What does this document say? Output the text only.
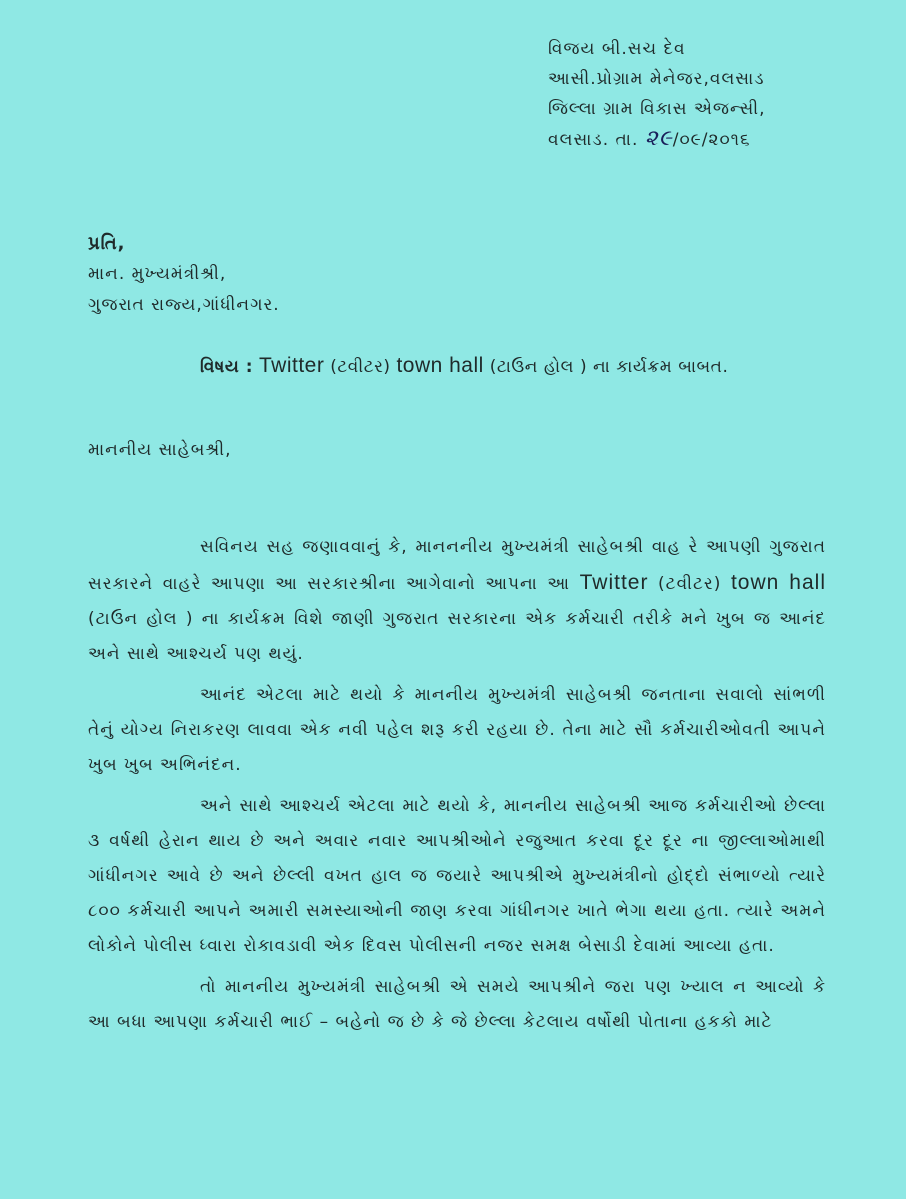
વિજય બી.સચ દેવ
આસી.પ્રોગ્રામ મેનેજર,વલસાડ
જિલ્લા ગ્રામ વિકાસ એજન્સી,
વલસાડ. તા. ૨૯/૦૯/૨૦૧૬
પ્રતિ,
માન. મુખ્યમંત્રીશ્રી,
ગુજરાત રાજ્ય,ગાંધીનગર.
વિષય : Twitter (ટવીટર) town hall (ટાઉન હોલ ) ના કાર્યક્રમ બાબત.
માનનીય સાહેબશ્રી,

સવિનય સહ જણાવવાનું કે, માનનનીય મુખ્યમંત્રી સાહેબશ્રી વાહ રે આપણી ગુજરાત સરકારને વાહરે આપણા આ સરકારશ્રીના આગેવાનો આપના આ Twitter (ટવીટર) town hall (ટાઉન હોલ ) ના કાર્યક્રમ વિશે જાણી ગુજરાત સરકારના એક કર્મચારી તરીકે મને ખુબ જ આનંદ અને સાથે આશ્ચર્ય પણ થયું.

આનંદ એટલા માટે થયો કે માનનીય મુખ્યમંત્રી સાહેબશ્રી જનતાના સવાલો સાંભળી તેનું યોગ્ય નિરાકરણ લાવવા એક નવી પહેલ શરૂ કરી રહયા છે. તેના માટે સૌ કર્મચારીઓવતી આપને ખુબ ખુબ અભિનંદન.

અને સાથે આશ્ચર્ય એટલા માટે થયો કે, માનનીય સાહેબશ્રી આજ કર્મચારીઓ છેલ્લા ૩ વર્ષથી હેરાન થાય છે અને અવાર નવાર આપશ્રીઓને રજુઆત કરવા દૂર દૂર ના જીલ્લાઓમાથી ગાંધીનગર આવે છે અને છેલ્લી વખત હાલ જ જયારે આપશ્રીએ મુખ્યમંત્રીનો હોદ્દો સંભાળ્યો ત્યારે ૮૦૦ કર્મચારી આપને અમારી સમસ્યાઓની જાણ કરવા ગાંધીનગર ખાતે ભેગા થયા હતા. ત્યારે અમને લોકોને પોલીસ ધ્વારા રોકાવડાવી એક દિવસ પોલીસની નજર સમક્ષ બેસાડી દેવામાં આવ્યા હતા.

તો માનનીય મુખ્યમંત્રી સાહેબશ્રી એ સમયે આપશ્રીને જરા પણ ખ્યાલ ન આવ્યો કે આ બધા આપણા કર્મચારી ભાઈ – બહેનો જ છે કે જે છેલ્લા કેટલાય વર્ષોથી પોતાના હકકો માટે
